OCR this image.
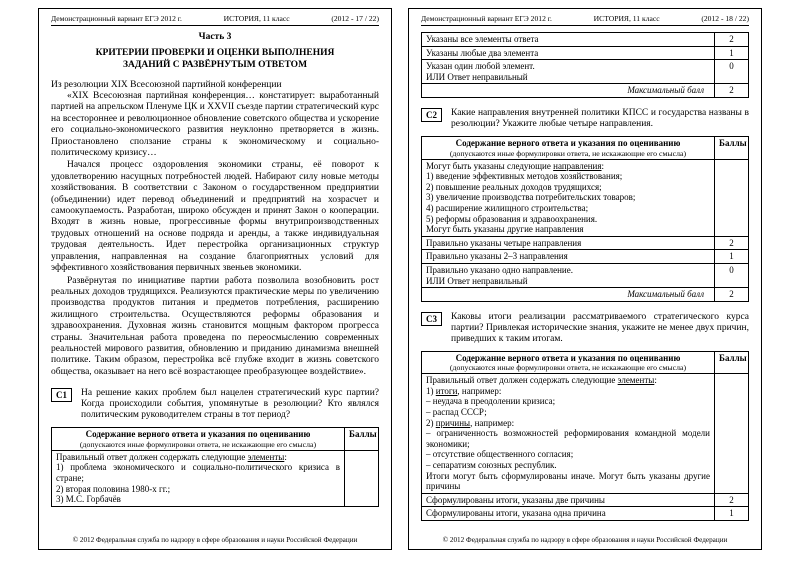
Демонстрационный вариант ЕГЭ 2012 г.	ИСТОРИЯ, 11 класс	(2012 - 17 / 22)
Часть 3
КРИТЕРИИ ПРОВЕРКИ И ОЦЕНКИ ВЫПОЛНЕНИЯ
ЗАДАНИЙ С РАЗВЁРНУТЫМ ОТВЕТОМ
Из резолюции XIX Всесоюзной партийной конференции

«XIX Всесоюзная партийная конференция… констатирует: выработанный партией на апрельском Пленуме ЦК и XXVII съезде партии стратегический курс на всестороннее и революционное обновление советского общества и ускорение его социально-экономического развития неуклонно претворяется в жизнь. Приостановлено сползание страны к экономическому и социально-политическому кризису…

Начался процесс оздоровления экономики страны, её поворот к удовлетворению насущных потребностей людей. Набирают силу новые методы хозяйствования. В соответствии с Законом о государственном предприятии (объединении) идет перевод объединений и предприятий на хозрасчет и самоокупаемость. Разработан, широко обсужден и принят Закон о кооперации. Входят в жизнь новые, прогрессивные формы внутрипроизводственных трудовых отношений на основе подряда и аренды, а также индивидуальная трудовая деятельность. Идет перестройка организационных структур управления, направленная на создание благоприятных условий для эффективного хозяйствования первичных звеньев экономики.

Развёрнутая по инициативе партии работа позволила возобновить рост реальных доходов трудящихся. Реализуются практические меры по увеличению производства продуктов питания и предметов потребления, расширению жилищного строительства. Осуществляются реформы образования и здравоохранения. Духовная жизнь становится мощным фактором прогресса страны. Значительная работа проведена по переосмыслению современных реальностей мирового развития, обновлению и приданию динамизма внешней политике. Таким образом, перестройка всё глубже входит в жизнь советского общества, оказывает на него всё возрастающее преобразующее воздействие».

С1	На решение каких проблем был нацелен стратегический курс партии? Когда происходили события, упомянутые в резолюции? Кто являлся политическим руководителем страны в тот период?
Содержание верного ответа и указания по оцениванию
(допускаются иные формулировки ответа, не искажающие его смысла)	Баллы

Правильный ответ должен содержать следующие элементы:
1) проблема экономического и социально-политического кризиса в стране;
2) вторая половина 1980-х гг.;
3) М.С. Горбачёв	

© 2012 Федеральная служба по надзору в сфере образования и науки Российской Федерации
Демонстрационный вариант ЕГЭ 2012 г.	ИСТОРИЯ, 11 класс	(2012 - 18 / 22)
Указаны все элементы ответа	2
Указаны любые два элемента	1

Указан один любой элемент.
ИЛИ Ответ неправильный	0
Максимальный балл	2
С2	Какие направления внутренней политики КПСС и государства названы в резолюции? Укажите любые четыре направления.
Содержание верного ответа и указания по оцениванию
(допускаются иные формулировки ответа, не искажающие его смысла)	Баллы

Могут быть указаны следующие направления:
1) введение эффективных методов хозяйствования;
2) повышение реальных доходов трудящихся;
3) увеличение производства потребительских товаров;
4) расширение жилищного строительства;
5) реформы образования и здравоохранения.
Могут быть указаны другие направления

Правильно указаны четыре направления	2
Правильно указаны 2–3 направления	1

Правильно указано одно направление.
ИЛИ Ответ неправильный	0
Максимальный балл	2
С3	Каковы итоги реализации рассматриваемого стратегического курса партии? Привлекая исторические знания, укажите не менее двух причин, приведших к таким итогам.
Содержание верного ответа и указания по оцениванию
(допускаются иные формулировки ответа, не искажающие его смысла)	Баллы

Правильный ответ должен содержать следующие элементы:
1) итоги, например:
– неудача в преодолении кризиса;
– распад СССР;
2) причины, например:
– ограниченность возможностей реформирования командной модели экономики;
– отсутствие общественного согласия;
– сепаратизм союзных республик.
Итоги могут быть сформулированы иначе. Могут быть указаны другие причины

Сформулированы итоги, указаны две причины	2
Сформулированы итоги, указана одна причина	1
© 2012 Федеральная служба по надзору в сфере образования и науки Российской Федерации
